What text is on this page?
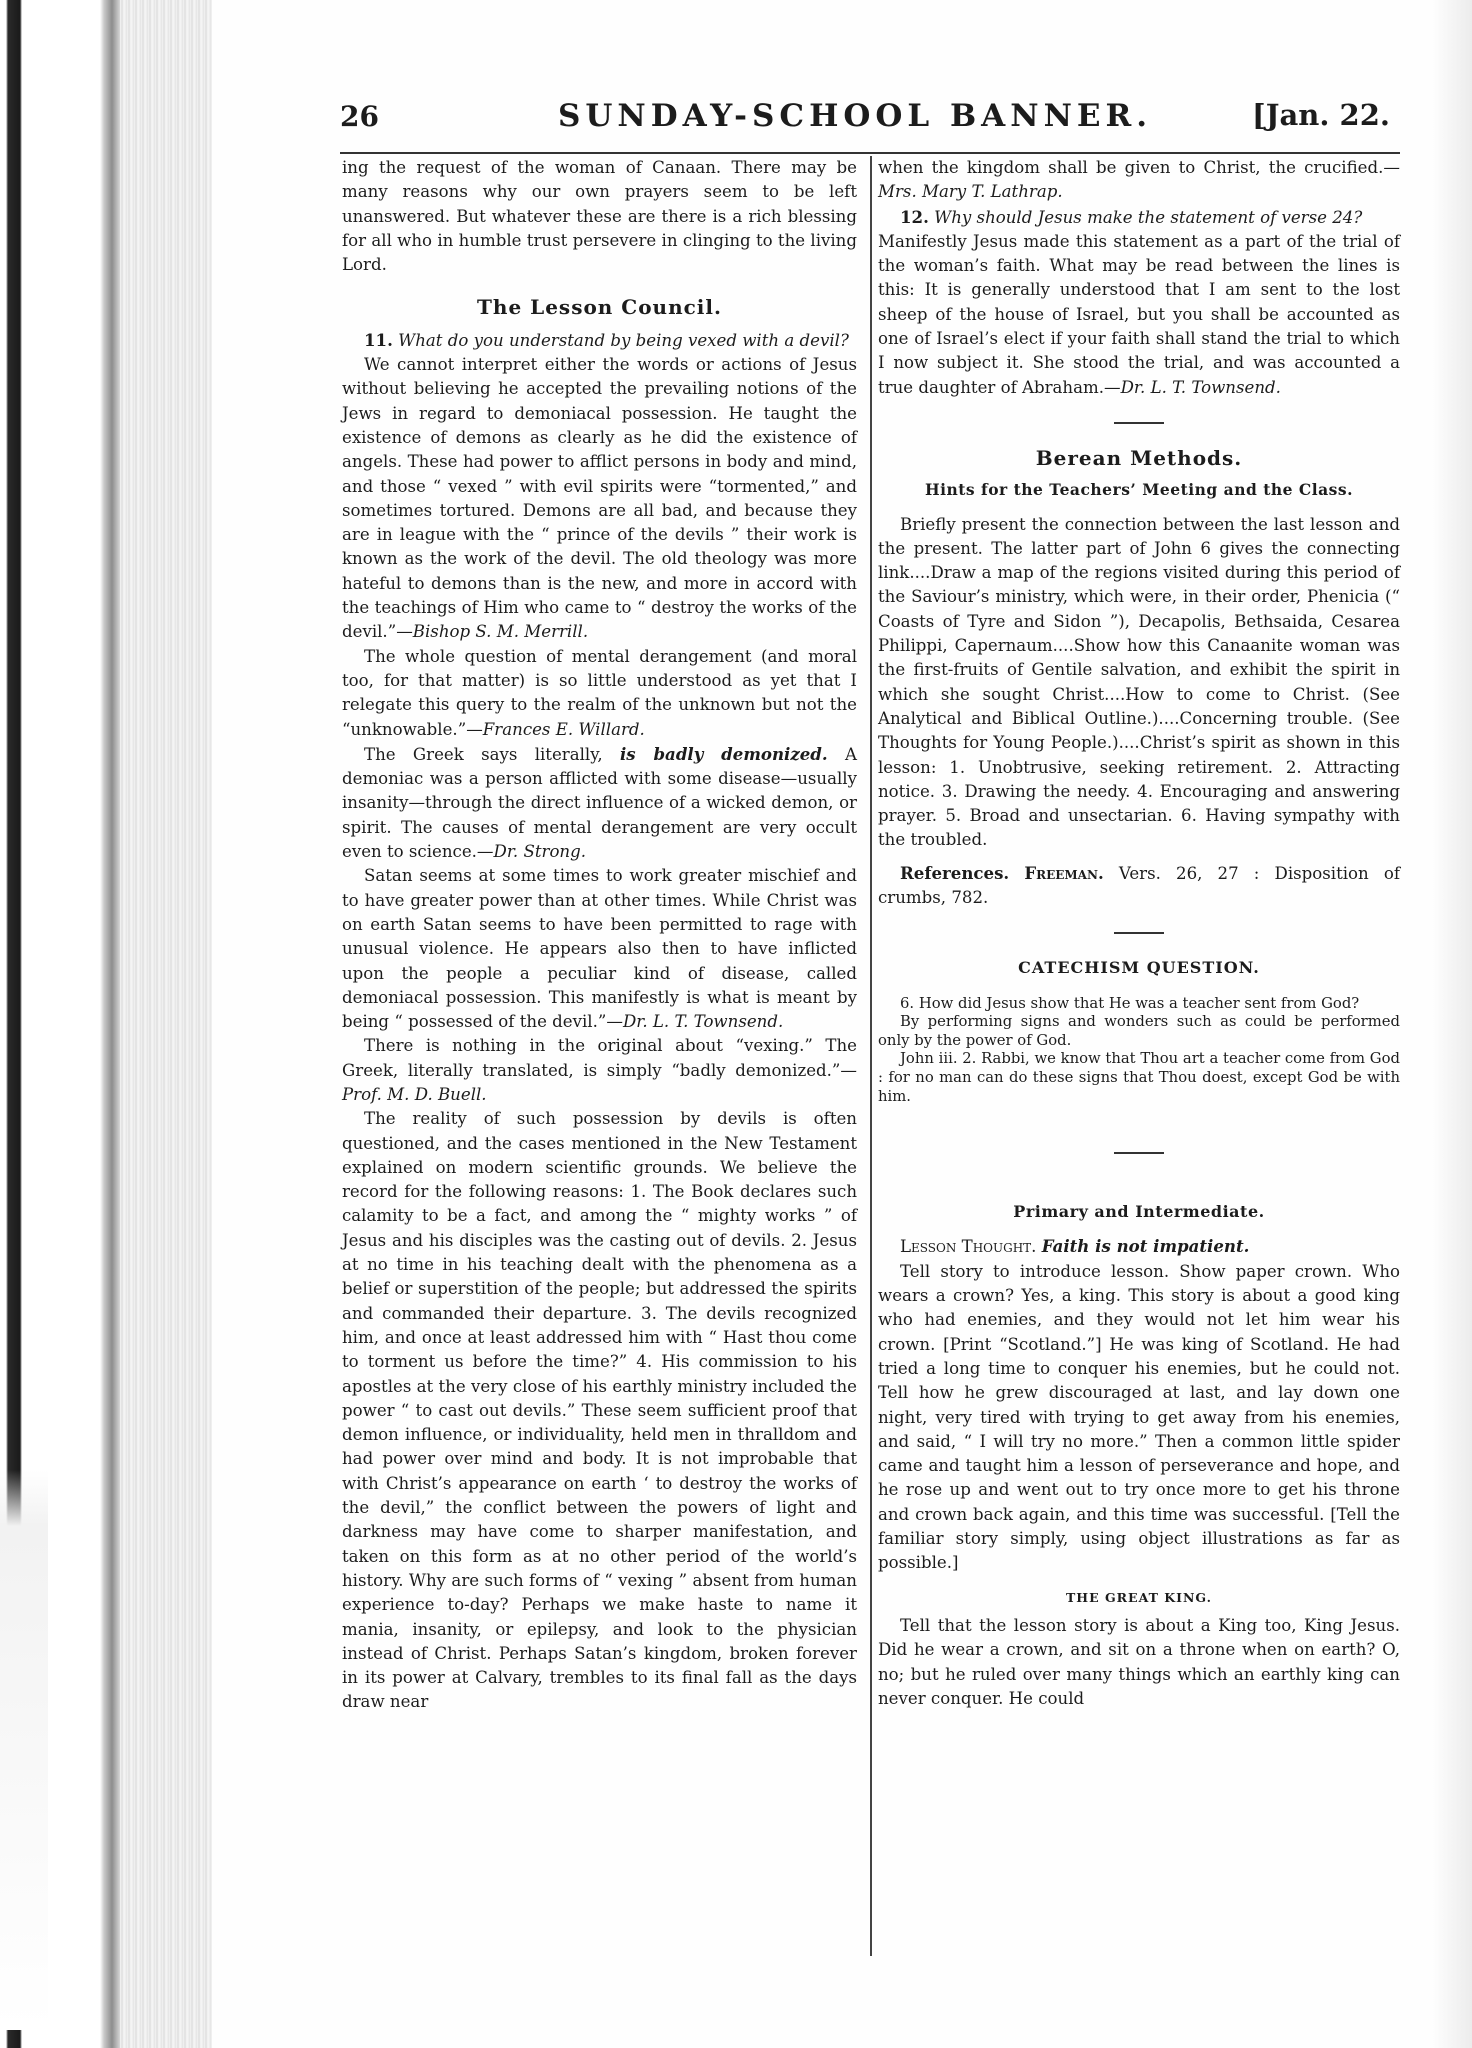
26	SUNDAY-SCHOOL BANNER.	[Jan. 22.

ing the request of the woman of Canaan. There may be many reasons why our own prayers seem to be left unanswered. But whatever these are there is a rich blessing for all who in humble trust persevere in clinging to the living Lord.

The Lesson Council.

11. What do you understand by being vexed with a devil?

We cannot interpret either the words or actions of Jesus without believing he accepted the prevailing notions of the Jews in regard to demoniacal possession. He taught the existence of demons as clearly as he did the existence of angels. These had power to afflict persons in body and mind, and those “ vexed ” with evil spirits were “tormented,” and sometimes tortured. Demons are all bad, and because they are in league with the “ prince of the devils ” their work is known as the work of the devil. The old theology was more hateful to demons than is the new, and more in accord with the teachings of Him who came to “ destroy the works of the devil.”—Bishop S. M. Merrill.

The whole question of mental derangement (and moral too, for that matter) is so little understood as yet that I relegate this query to the realm of the unknown but not the “unknowable.”—Frances E. Willard.

The Greek says literally, is badly demonized. A demoniac was a person afflicted with some disease—usually insanity—through the direct influence of a wicked demon, or spirit. The causes of mental derangement are very occult even to science.—Dr. Strong.

Satan seems at some times to work greater mischief and to have greater power than at other times. While Christ was on earth Satan seems to have been permitted to rage with unusual violence. He appears also then to have inflicted upon the people a peculiar kind of disease, called demoniacal possession. This manifestly is what is meant by being “ possessed of the devil.”—Dr. L. T. Townsend.

There is nothing in the original about “vexing.” The Greek, literally translated, is simply “badly demonized.”—Prof. M. D. Buell.

The reality of such possession by devils is often questioned, and the cases mentioned in the New Testament explained on modern scientific grounds. We believe the record for the following reasons: 1. The Book declares such calamity to be a fact, and among the “ mighty works ” of Jesus and his disciples was the casting out of devils. 2. Jesus at no time in his teaching dealt with the phenomena as a belief or superstition of the people; but addressed the spirits and commanded their departure. 3. The devils recognized him, and once at least addressed him with “ Hast thou come to torment us before the time?” 4. His commission to his apostles at the very close of his earthly ministry included the power “ to cast out devils.” These seem sufficient proof that demon influence, or individuality, held men in thralldom and had power over mind and body. It is not improbable that with Christ’s appearance on earth ‘ to destroy the works of the devil,” the conflict between the powers of light and darkness may have come to sharper manifestation, and taken on this form as at no other period of the world’s history. Why are such forms of “ vexing ” absent from human experience to-day? Perhaps we make haste to name it mania, insanity, or epilepsy, and look to the physician instead of Christ. Perhaps Satan’s kingdom, broken forever in its power at Calvary, trembles to its final fall as the days draw near

when the kingdom shall be given to Christ, the crucified.—Mrs. Mary T. Lathrap.

12. Why should Jesus make the statement of verse 24?

Manifestly Jesus made this statement as a part of the trial of the woman’s faith. What may be read between the lines is this: It is generally understood that I am sent to the lost sheep of the house of Israel, but you shall be accounted as one of Israel’s elect if your faith shall stand the trial to which I now subject it. She stood the trial, and was accounted a true daughter of Abraham.—Dr. L. T. Townsend.

Berean Methods.
Hints for the Teachers’ Meeting and the Class.

Briefly present the connection between the last lesson and the present. The latter part of John 6 gives the connecting link....Draw a map of the regions visited during this period of the Saviour’s ministry, which were, in their order, Phenicia (“ Coasts of Tyre and Sidon ”), Decapolis, Bethsaida, Cesarea Philippi, Capernaum....Show how this Canaanite woman was the first-fruits of Gentile salvation, and exhibit the spirit in which she sought Christ....How to come to Christ. (See Analytical and Biblical Outline.)....Concerning trouble. (See Thoughts for Young People.)....Christ’s spirit as shown in this lesson: 1. Unobtrusive, seeking retirement. 2. Attracting notice. 3. Drawing the needy. 4. Encouraging and answering prayer. 5. Broad and unsectarian. 6. Having sympathy with the troubled.

References. Freeman. Vers. 26, 27 : Disposition of crumbs, 782.

CATECHISM QUESTION.

6. How did Jesus show that He was a teacher sent from God?

By performing signs and wonders such as could be performed only by the power of God.

John iii. 2. Rabbi, we know that Thou art a teacher come from God : for no man can do these signs that Thou doest, except God be with him.

Primary and Intermediate.

Lesson Thought. Faith is not impatient.

Tell story to introduce lesson. Show paper crown. Who wears a crown? Yes, a king. This story is about a good king who had enemies, and they would not let him wear his crown. [Print “Scotland.”] He was king of Scotland. He had tried a long time to conquer his enemies, but he could not. Tell how he grew discouraged at last, and lay down one night, very tired with trying to get away from his enemies, and said, “ I will try no more.” Then a common little spider came and taught him a lesson of perseverance and hope, and he rose up and went out to try once more to get his throne and crown back again, and this time was successful. [Tell the familiar story simply, using object illustrations as far as possible.]

THE GREAT KING.

Tell that the lesson story is about a King too, King Jesus. Did he wear a crown, and sit on a throne when on earth? O, no; but he ruled over many things which an earthly king can never conquer. He could
